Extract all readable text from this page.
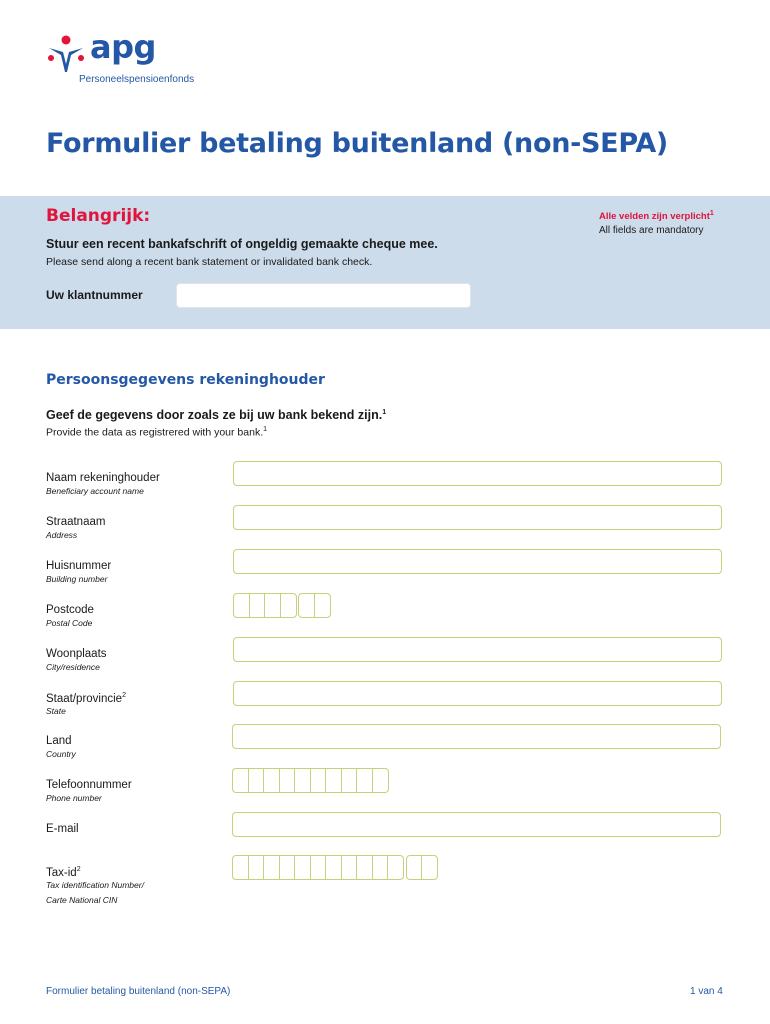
apg
Personeelspensioenfonds
Formulier betaling buitenland (non-SEPA)
Belangrijk:
Stuur een recent bankafschrift of ongeldig gemaakte cheque mee.
Please send along a recent bank statement or invalidated bank check.
Alle velden zijn verplicht$^1$
All fields are mandatory
Uw klantnummer
Persoonsgegevens rekeninghouder
Geef de gegevens door zoals ze bij uw bank bekend zijn.$^1$
Provide the data as registrered with your bank.$^1$
Naam rekeninghouder
Beneficiary account name
Straatnaam
Address
Huisnummer
Building number
Postcode
Postal Code
Woonplaats
City/residence
Staat/provincie$^2$
State
Land
Country
Telefoonnummer
Phone number
E-mail
Tax-$id^2$
Tax identification Number/
Carte National CIN
Formulier betaling buitenland (non-SEPA)	1 van 4
